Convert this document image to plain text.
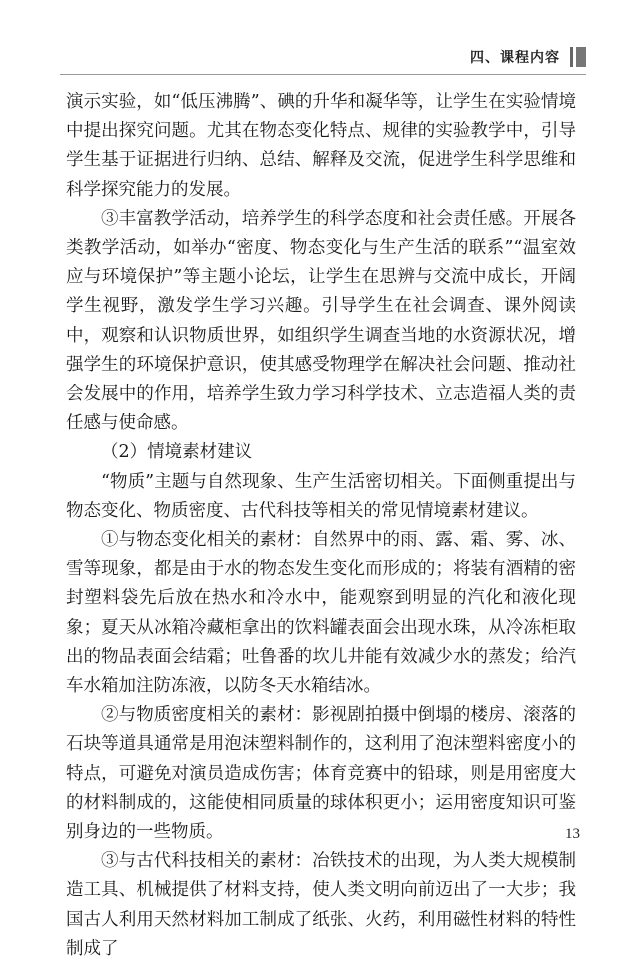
四、课程内容

演示实验，如“低压沸腾”、碘的升华和凝华等，让学生在实验情境中提出探究问题。尤其在物态变化特点、规律的实验教学中，引导学生基于证据进行归纳、总结、解释及交流，促进学生科学思维和科学探究能力的发展。

③丰富教学活动，培养学生的科学态度和社会责任感。开展各类教学活动，如举办“密度、物态变化与生产生活的联系”“温室效应与环境保护”等主题小论坛，让学生在思辨与交流中成长，开阔学生视野，激发学生学习兴趣。引导学生在社会调查、课外阅读中，观察和认识物质世界，如组织学生调查当地的水资源状况，增强学生的环境保护意识，使其感受物理学在解决社会问题、推动社会发展中的作用，培养学生致力学习科学技术、立志造福人类的责任感与使命感。

（2）情境素材建议

“物质”主题与自然现象、生产生活密切相关。下面侧重提出与物态变化、物质密度、古代科技等相关的常见情境素材建议。

①与物态变化相关的素材：自然界中的雨、露、霜、雾、冰、雪等现象，都是由于水的物态发生变化而形成的；将装有酒精的密封塑料袋先后放在热水和冷水中，能观察到明显的汽化和液化现象；夏天从冰箱冷藏柜拿出的饮料罐表面会出现水珠，从冷冻柜取出的物品表面会结霜；吐鲁番的坎儿井能有效减少水的蒸发；给汽车水箱加注防冻液，以防冬天水箱结冰。

②与物质密度相关的素材：影视剧拍摄中倒塌的楼房、滚落的石块等道具通常是用泡沫塑料制作的，这利用了泡沫塑料密度小的特点，可避免对演员造成伤害；体育竞赛中的铅球，则是用密度大的材料制成的，这能使相同质量的球体积更小；运用密度知识可鉴别身边的一些物质。

③与古代科技相关的素材：冶铁技术的出现，为人类大规模制造工具、机械提供了材料支持，使人类文明向前迈出了一大步；我国古人利用天然材料加工制成了纸张、火药，利用磁性材料的特性制成了

13
